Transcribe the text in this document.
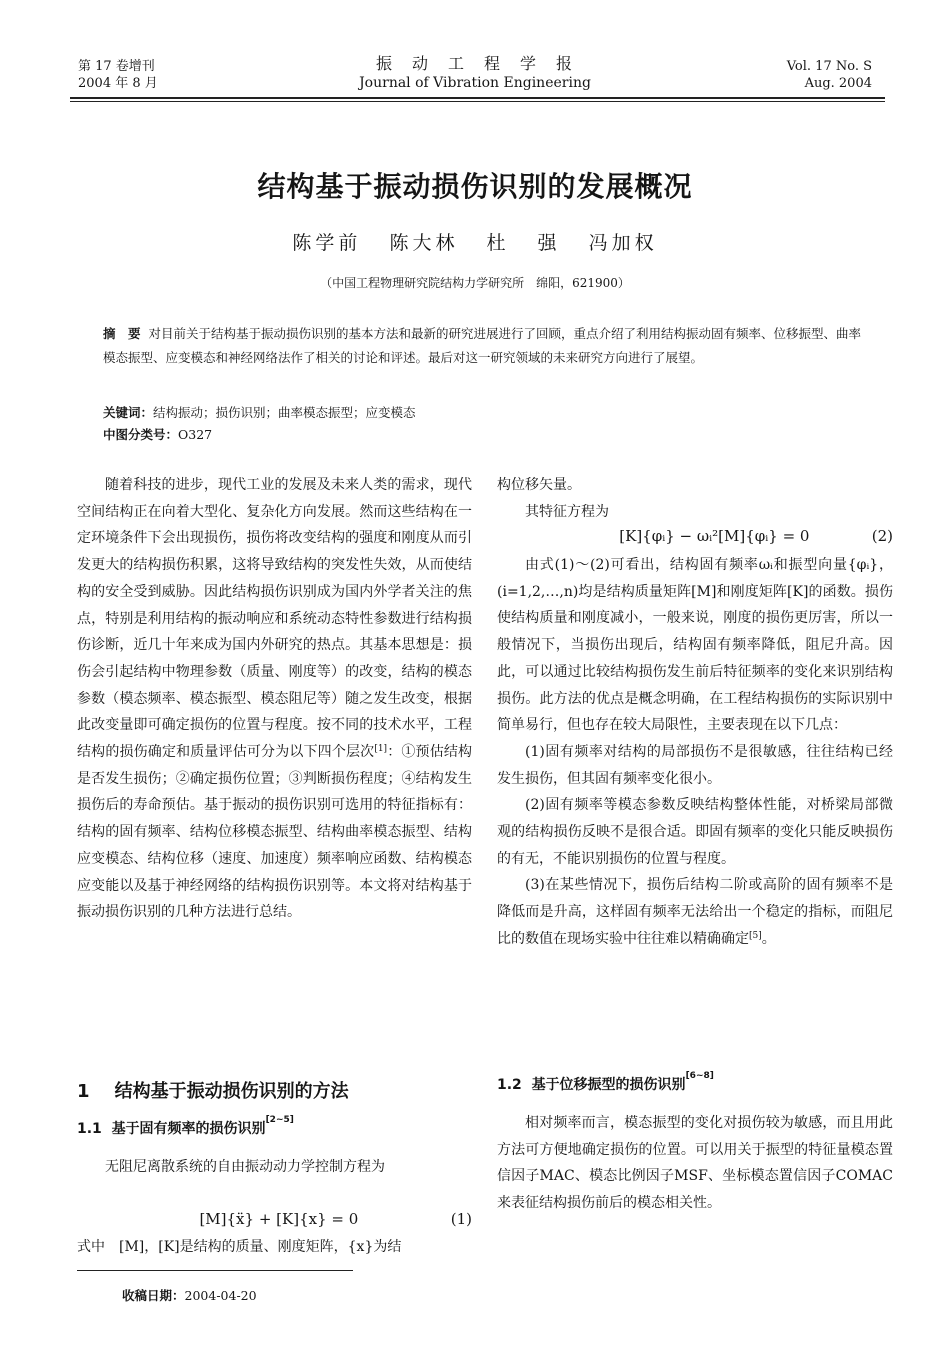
第 17 卷增刊
2004 年 8 月
振　动　工　程　学　报
Journal of Vibration Engineering
Vol. 17 No. S
Aug. 2004
结构基于振动损伤识别的发展概况
陈学前 陈大林 杜 强 冯加权
（中国工程物理研究院结构力学研究所　绵阳，621900）
摘　要 对目前关于结构基于振动损伤识别的基本方法和最新的研究进展进行了回顾，重点介绍了利用结构振动固有频率、位移振型、曲率模态振型、应变模态和神经网络法作了相关的讨论和评述。最后对这一研究领域的未来研究方向进行了展望。
关键词：结构振动；损伤识别；曲率模态振型；应变模态
中图分类号：O327

随着科技的进步，现代工业的发展及未来人类的需求，现代空间结构正在向着大型化、复杂化方向发展。然而这些结构在一定环境条件下会出现损伤，损伤将改变结构的强度和刚度从而引发更大的结构损伤积累，这将导致结构的突发性失效，从而使结构的安全受到威胁。因此结构损伤识别成为国内外学者关注的焦点，特别是利用结构的振动响应和系统动态特性参数进行结构损伤诊断，近几十年来成为国内外研究的热点。其基本思想是：损伤会引起结构中物理参数（质量、刚度等）的改变，结构的模态参数（模态频率、模态振型、模态阻尼等）随之发生改变，根据此改变量即可确定损伤的位置与程度。按不同的技术水平，工程结构的损伤确定和质量评估可分为以下四个层次[1]：①预估结构是否发生损伤；②确定损伤位置；③判断损伤程度；④结构发生损伤后的寿命预估。基于振动的损伤识别可选用的特征指标有：结构的固有频率、结构位移模态振型、结构曲率模态振型、结构应变模态、结构位移（速度、加速度）频率响应函数、结构模态应变能以及基于神经网络的结构损伤识别等。本文将对结构基于振动损伤识别的几种方法进行总结。

1 结构基于振动损伤识别的方法
1.1 基于固有频率的损伤识别[2~5]

无阻尼离散系统的自由振动动力学控制方程为

[M]{ẍ} + [K]{x} = 0	(1)

式中　[M]，[K]是结构的质量、刚度矩阵，{x}为结

构位移矢量。

其特征方程为

[K]{φᵢ} − ωᵢ²[M]{φᵢ} = 0	(2)

由式(1)～(2)可看出，结构固有频率ωᵢ和振型向量{φᵢ}，(i=1,2,…,n)均是结构质量矩阵[M]和刚度矩阵[K]的函数。损伤使结构质量和刚度减小，一般来说，刚度的损伤更厉害，所以一般情况下，当损伤出现后，结构固有频率降低，阻尼升高。因此，可以通过比较结构损伤发生前后特征频率的变化来识别结构损伤。此方法的优点是概念明确，在工程结构损伤的实际识别中简单易行，但也存在较大局限性，主要表现在以下几点：

(1)固有频率对结构的局部损伤不是很敏感，往往结构已经发生损伤，但其固有频率变化很小。

(2)固有频率等模态参数反映结构整体性能，对桥梁局部微观的结构损伤反映不是很合适。即固有频率的变化只能反映损伤的有无，不能识别损伤的位置与程度。

(3)在某些情况下，损伤后结构二阶或高阶的固有频率不是降低而是升高，这样固有频率无法给出一个稳定的指标，而阻尼比的数值在现场实验中往往难以精确确定[5]。

1.2 基于位移振型的损伤识别[6~8]

相对频率而言，模态振型的变化对损伤较为敏感，而且用此方法可方便地确定损伤的位置。可以用关于振型的特征量模态置信因子MAC、模态比例因子MSF、坐标模态置信因子COMAC来表征结构损伤前后的模态相关性。

收稿日期：2004-04-20
